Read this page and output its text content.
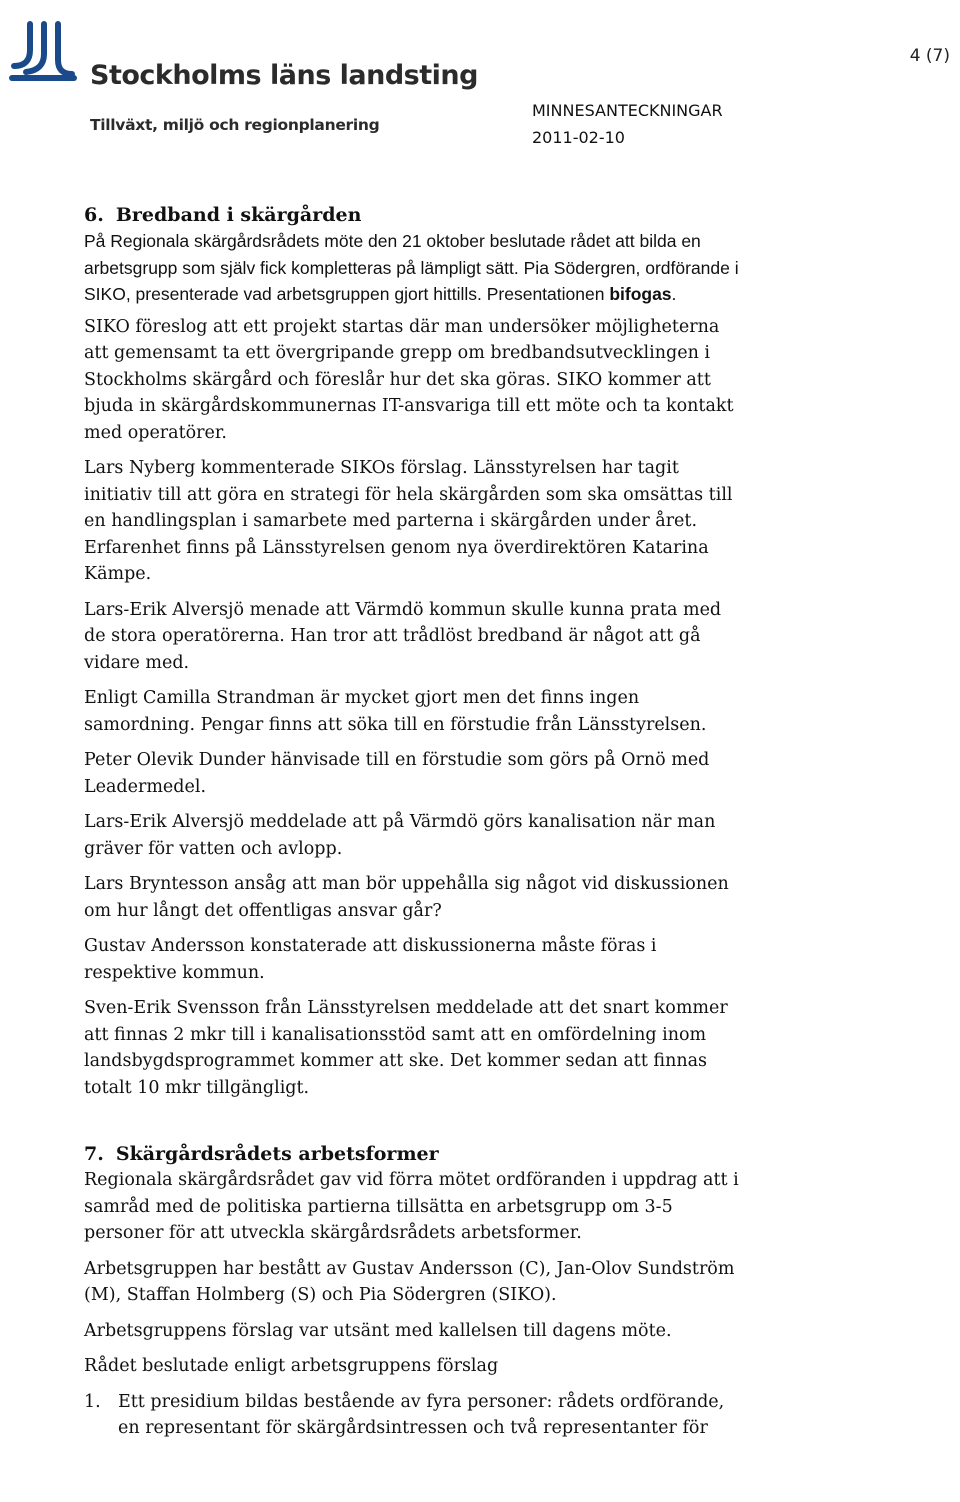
Stockholms läns landsting
Tillväxt, miljö och regionplanering
4 (7)
MINNESANTECKNINGAR
2011-02-10
6. Bredband i skärgården

På Regionala skärgårdsrådets möte den 21 oktober beslutade rådet att bilda en arbetsgrupp som själv fick kompletteras på lämpligt sätt. Pia Södergren, ordförande i SIKO, presenterade vad arbetsgruppen gjort hittills. Presentationen bifogas.

SIKO föreslog att ett projekt startas där man undersöker möjligheterna att gemensamt ta ett övergripande grepp om bredbandsutvecklingen i Stockholms skärgård och föreslår hur det ska göras. SIKO kommer att bjuda in skärgårdskommunernas IT-ansvariga till ett möte och ta kontakt med operatörer.

Lars Nyberg kommenterade SIKOs förslag. Länsstyrelsen har tagit initiativ till att göra en strategi för hela skärgården som ska omsättas till en handlingsplan i samarbete med parterna i skärgården under året. Erfarenhet finns på Länsstyrelsen genom nya överdirektören Katarina Kämpe.

Lars-Erik Alversjö menade att Värmdö kommun skulle kunna prata med de stora operatörerna. Han tror att trådlöst bredband är något att gå vidare med.

Enligt Camilla Strandman är mycket gjort men det finns ingen samordning. Pengar finns att söka till en förstudie från Länsstyrelsen.

Peter Olevik Dunder hänvisade till en förstudie som görs på Ornö med Leadermedel.

Lars-Erik Alversjö meddelade att på Värmdö görs kanalisation när man gräver för vatten och avlopp.

Lars Bryntesson ansåg att man bör uppehålla sig något vid diskussionen om hur långt det offentligas ansvar går?

Gustav Andersson konstaterade att diskussionerna måste föras i respektive kommun.

Sven-Erik Svensson från Länsstyrelsen meddelade att det snart kommer att finnas 2 mkr till i kanalisationsstöd samt att en omfördelning inom landsbygdsprogrammet kommer att ske. Det kommer sedan att finnas totalt 10 mkr tillgängligt.

7. Skärgårdsrådets arbetsformer

Regionala skärgårdsrådet gav vid förra mötet ordföranden i uppdrag att i samråd med de politiska partierna tillsätta en arbetsgrupp om 3-5 personer för att utveckla skärgårdsrådets arbetsformer.

Arbetsgruppen har bestått av Gustav Andersson (C), Jan-Olov Sundström (M), Staffan Holmberg (S) och Pia Södergren (SIKO).

Arbetsgruppens förslag var utsänt med kallelsen till dagens möte.

Rådet beslutade enligt arbetsgruppens förslag

1. Ett presidium bildas bestående av fyra personer: rådets ordförande, en representant för skärgårdsintressen och två representanter för
